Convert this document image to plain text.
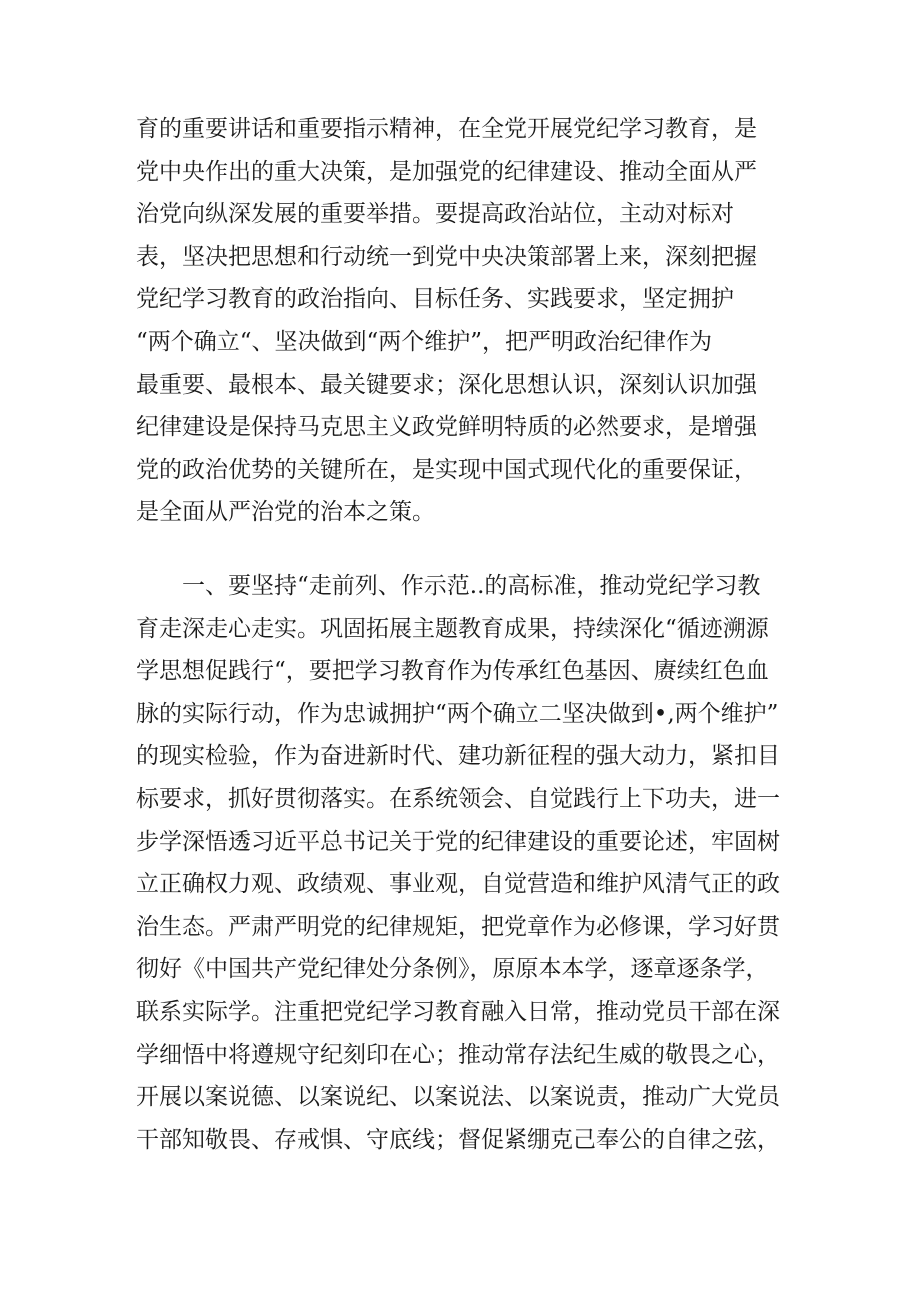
育的重要讲话和重要指示精神，在全党开展党纪学习教育，是
党中央作出的重大决策，是加强党的纪律建设、推动全面从严
治党向纵深发展的重要举措。要提高政治站位，主动对标对
表，坚决把思想和行动统一到党中央决策部署上来，深刻把握
党纪学习教育的政治指向、目标任务、实践要求，坚定拥护
“两个确立“、坚决做到“两个维护”，把严明政治纪律作为
最重要、最根本、最关键要求；深化思想认识，深刻认识加强
纪律建设是保持马克思主义政党鲜明特质的必然要求，是增强
党的政治优势的关键所在，是实现中国式现代化的重要保证，
是全面从严治党的治本之策。
一、要坚持“走前列、作示范..的高标准，推动党纪学习教
育走深走心走实。巩固拓展主题教育成果，持续深化“循迹溯源
学思想促践行“，要把学习教育作为传承红色基因、赓续红色血
脉的实际行动，作为忠诚拥护“两个确立二坚决做到•,两个维护”
的现实检验，作为奋进新时代、建功新征程的强大动力，紧扣目
标要求，抓好贯彻落实。在系统领会、自觉践行上下功夫，进一
步学深悟透习近平总书记关于党的纪律建设的重要论述，牢固树
立正确权力观、政绩观、事业观，自觉营造和维护风清气正的政
治生态。严肃严明党的纪律规矩，把党章作为必修课，学习好贯
彻好《中国共产党纪律处分条例》，原原本本学，逐章逐条学，
联系实际学。注重把党纪学习教育融入日常，推动党员干部在深
学细悟中将遵规守纪刻印在心；推动常存法纪生威的敬畏之心，
开展以案说德、以案说纪、以案说法、以案说责，推动广大党员
干部知敬畏、存戒惧、守底线；督促紧绷克己奉公的自律之弦，
